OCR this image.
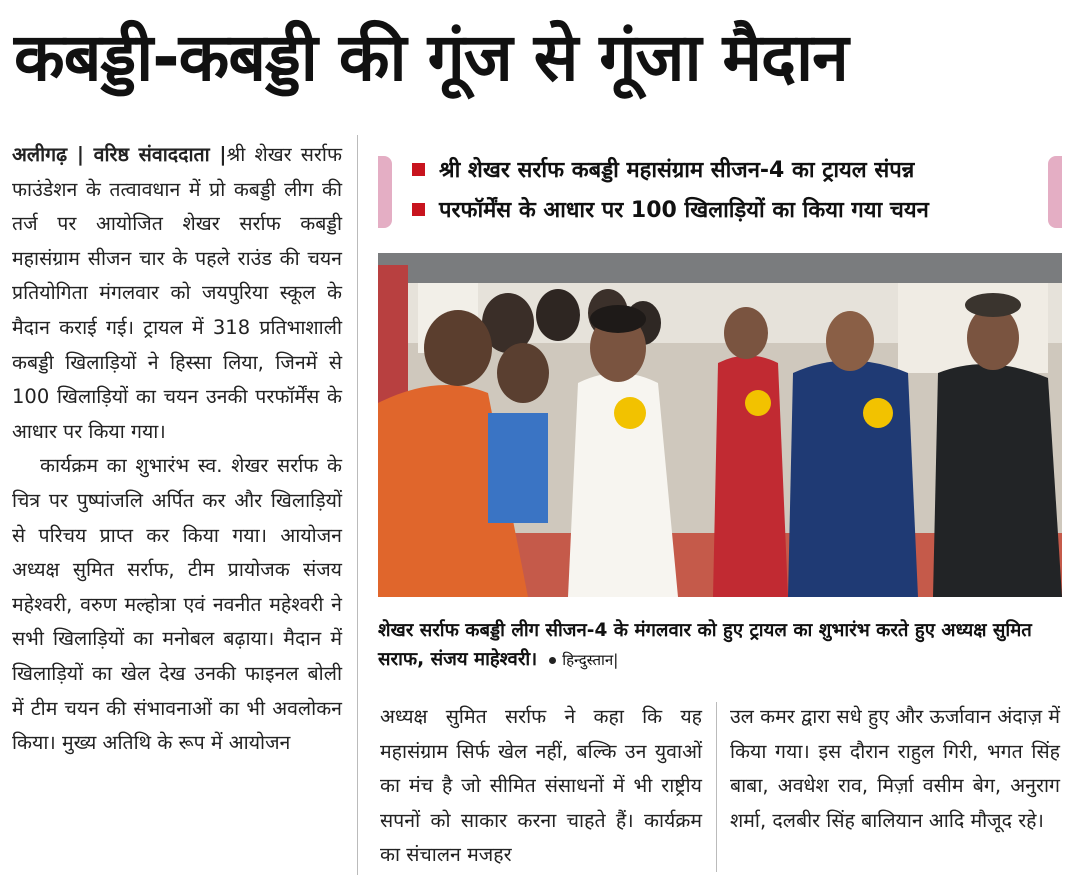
कबड्डी-कबड्डी की गूंज से गूंजा मैदान

अलीगढ़ | वरिष्ठ संवाददाता |श्री शेखर सर्राफ फाउंडेशन के तत्वावधान में प्रो कबड्डी लीग की तर्ज पर आयोजित शेखर सर्राफ कबड्डी महासंग्राम सीजन चार के पहले राउंड की चयन प्रतियोगिता मंगलवार को जयपुरिया स्कूल के मैदान कराई गई। ट्रायल में 318 प्रतिभाशाली कबड्डी खिलाड़ियों ने हिस्सा लिया, जिनमें से 100 खिलाड़ियों का चयन उनकी परफॉर्मेंस के आधार पर किया गया।

कार्यक्रम का शुभारंभ स्व. शेखर सर्राफ के चित्र पर पुष्पांजलि अर्पित कर और खिलाड़ियों से परिचय प्राप्त कर किया गया। आयोजन अध्यक्ष सुमित सर्राफ, टीम प्रायोजक संजय महेश्वरी, वरुण मल्होत्रा एवं नवनीत महेश्वरी ने सभी खिलाड़ियों का मनोबल बढ़ाया। मैदान में खिलाड़ियों का खेल देख उनकी फाइनल बोली में टीम चयन की संभावनाओं का भी अवलोकन किया। मुख्य अतिथि के रूप में आयोजन

श्री शेखर सर्राफ कबड्डी महासंग्राम सीजन-4 का ट्रायल संपन्न
परफॉर्मेंस के आधार पर 100 खिलाड़ियों का किया गया चयन
शेखर सर्राफ कबड्डी लीग सीजन-4 के मंगलवार को हुए ट्रायल का शुभारंभ करते हुए अध्यक्ष सुमित सराफ, संजय माहेश्वरी। हिन्दुस्तान|

अध्यक्ष सुमित सर्राफ ने कहा कि यह महासंग्राम सिर्फ खेल नहीं, बल्कि उन युवाओं का मंच है जो सीमित संसाधनों में भी राष्ट्रीय सपनों को साकार करना चाहते हैं। कार्यक्रम का संचालन मजहर

उल कमर द्वारा सधे हुए और ऊर्जावान अंदाज़ में किया गया। इस दौरान राहुल गिरी, भगत सिंह बाबा, अवधेश राव, मिर्ज़ा वसीम बेग, अनुराग शर्मा, दलबीर सिंह बालियान आदि मौजूद रहे।
